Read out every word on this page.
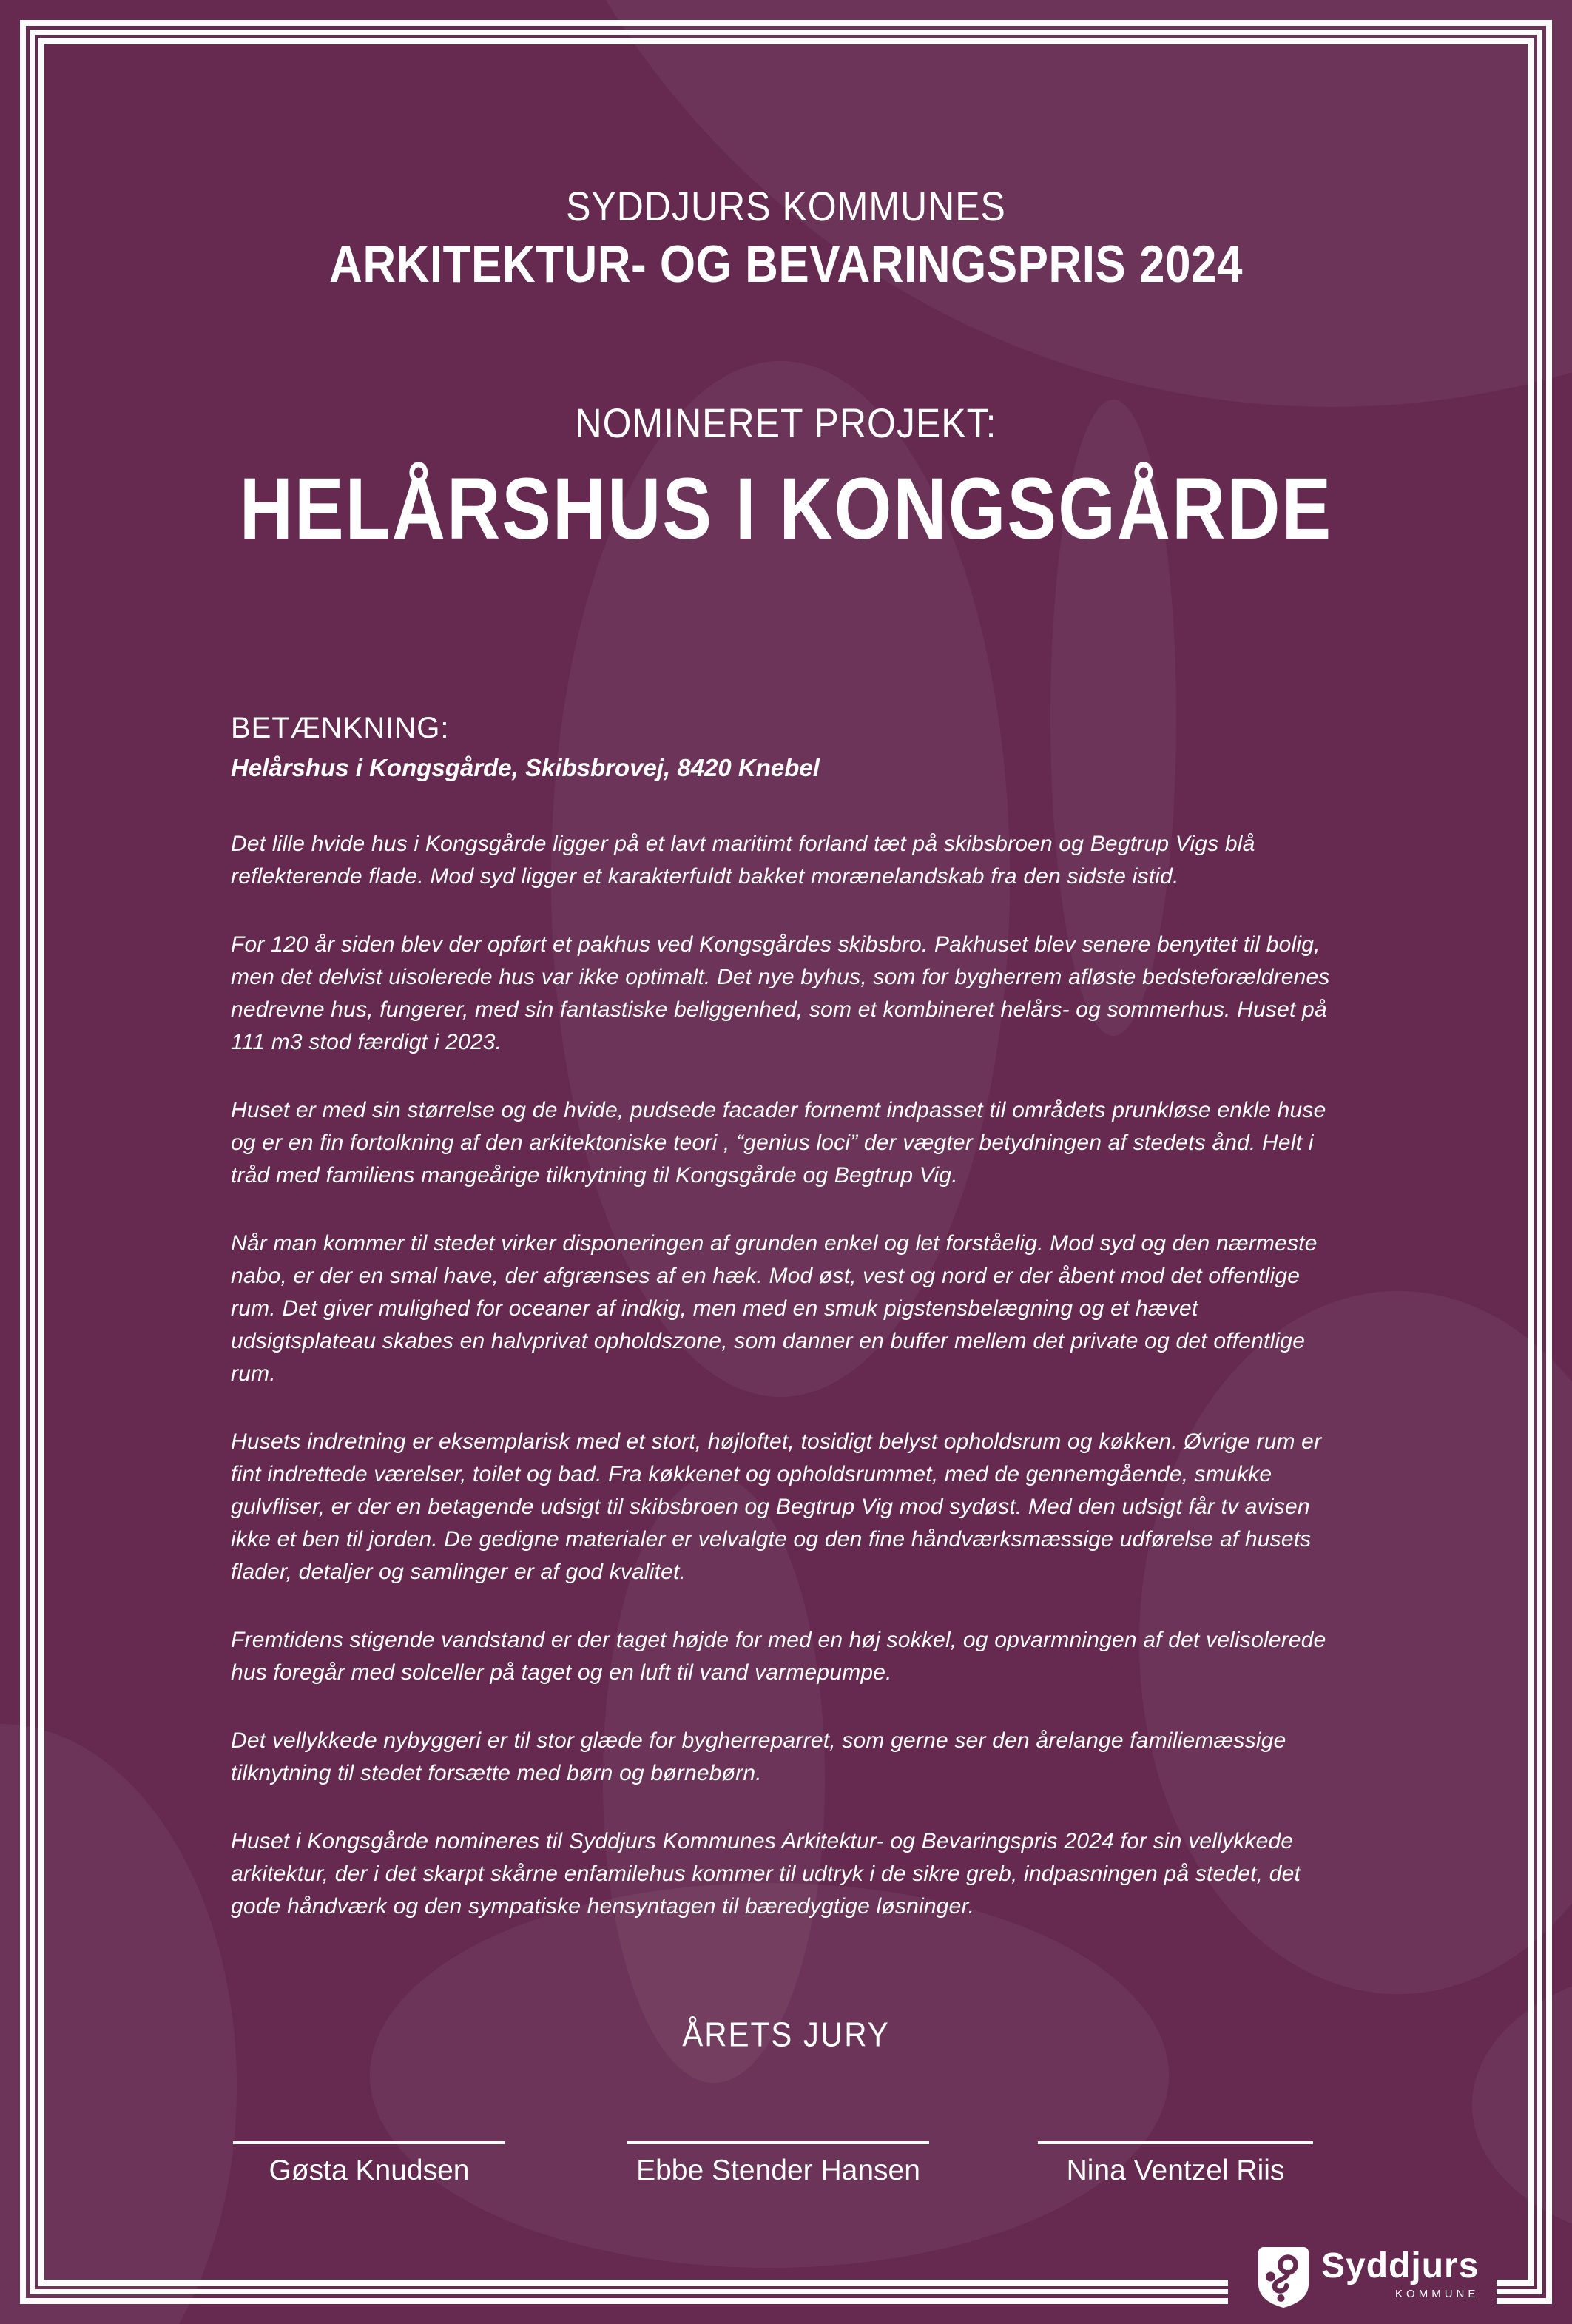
SYDDJURS KOMMUNES
ARKITEKTUR- OG BEVARINGSPRIS 2024
NOMINERET PROJEKT:
HELÅRSHUS I KONGSGÅRDE
BETÆNKNING:
Helårshus i Kongsgårde, Skibsbrovej, 8420 Knebel

Det lille hvide hus i Kongsgårde ligger på et lavt maritimt forland tæt på skibsbroen og Begtrup Vigs blå reflekterende flade. Mod syd ligger et karakterfuldt bakket morænelandskab fra den sidste istid.

For 120 år siden blev der opført et pakhus ved Kongsgårdes skibsbro. Pakhuset blev senere benyttet til bolig, men det delvist uisolerede hus var ikke optimalt. Det nye byhus, som for bygherrem afløste bedsteforældrenes nedrevne hus, fungerer, med sin fantastiske beliggenhed, som et kombineret helårs- og sommerhus. Huset på 111 m3 stod færdigt i 2023.

Huset er med sin størrelse og de hvide, pudsede facader fornemt indpasset til områdets prunkløse enkle huse og er en fin fortolkning af den arkitektoniske teori , “genius loci” der vægter betydningen af stedets ånd. Helt i tråd med familiens mangeårige tilknytning til Kongsgårde og Begtrup Vig.

Når man kommer til stedet virker disponeringen af grunden enkel og let forståelig. Mod syd og den nærmeste nabo, er der en smal have, der afgrænses af en hæk. Mod øst, vest og nord er der åbent mod det offentlige rum. Det giver mulighed for oceaner af indkig, men med en smuk pigstensbelægning og et hævet udsigtsplateau skabes en halvprivat opholdszone, som danner en buffer mellem det private og det offentlige rum.

Husets indretning er eksemplarisk med et stort, højloftet, tosidigt belyst opholdsrum og køkken. Øvrige rum er fint indrettede værelser, toilet og bad. Fra køkkenet og opholdsrummet, med de gennemgående, smukke gulvfliser, er der en betagende udsigt til skibsbroen og Begtrup Vig mod sydøst. Med den udsigt får tv avisen ikke et ben til jorden. De gedigne materialer er velvalgte og den fine håndværksmæssige udførelse af husets flader, detaljer og samlinger er af god kvalitet.

Fremtidens stigende vandstand er der taget højde for med en høj sokkel, og opvarmningen af det velisolerede hus foregår med solceller på taget og en luft til vand varmepumpe.

Det vellykkede nybyggeri er til stor glæde for bygherreparret, som gerne ser den årelange familiemæssige tilknytning til stedet forsætte med børn og børnebørn.

Huset i Kongsgårde nomineres til Syddjurs Kommunes Arkitektur- og Bevaringspris 2024 for sin vellykkede arkitektur, der i det skarpt skårne enfamilehus kommer til udtryk i de sikre greb, indpasningen på stedet, det gode håndværk og den sympatiske hensyntagen til bæredygtige løsninger.

ÅRETS JURY
Gøsta Knudsen	Ebbe Stender Hansen	Nina Ventzel Riis
Syddjurs
KOMMUNE
